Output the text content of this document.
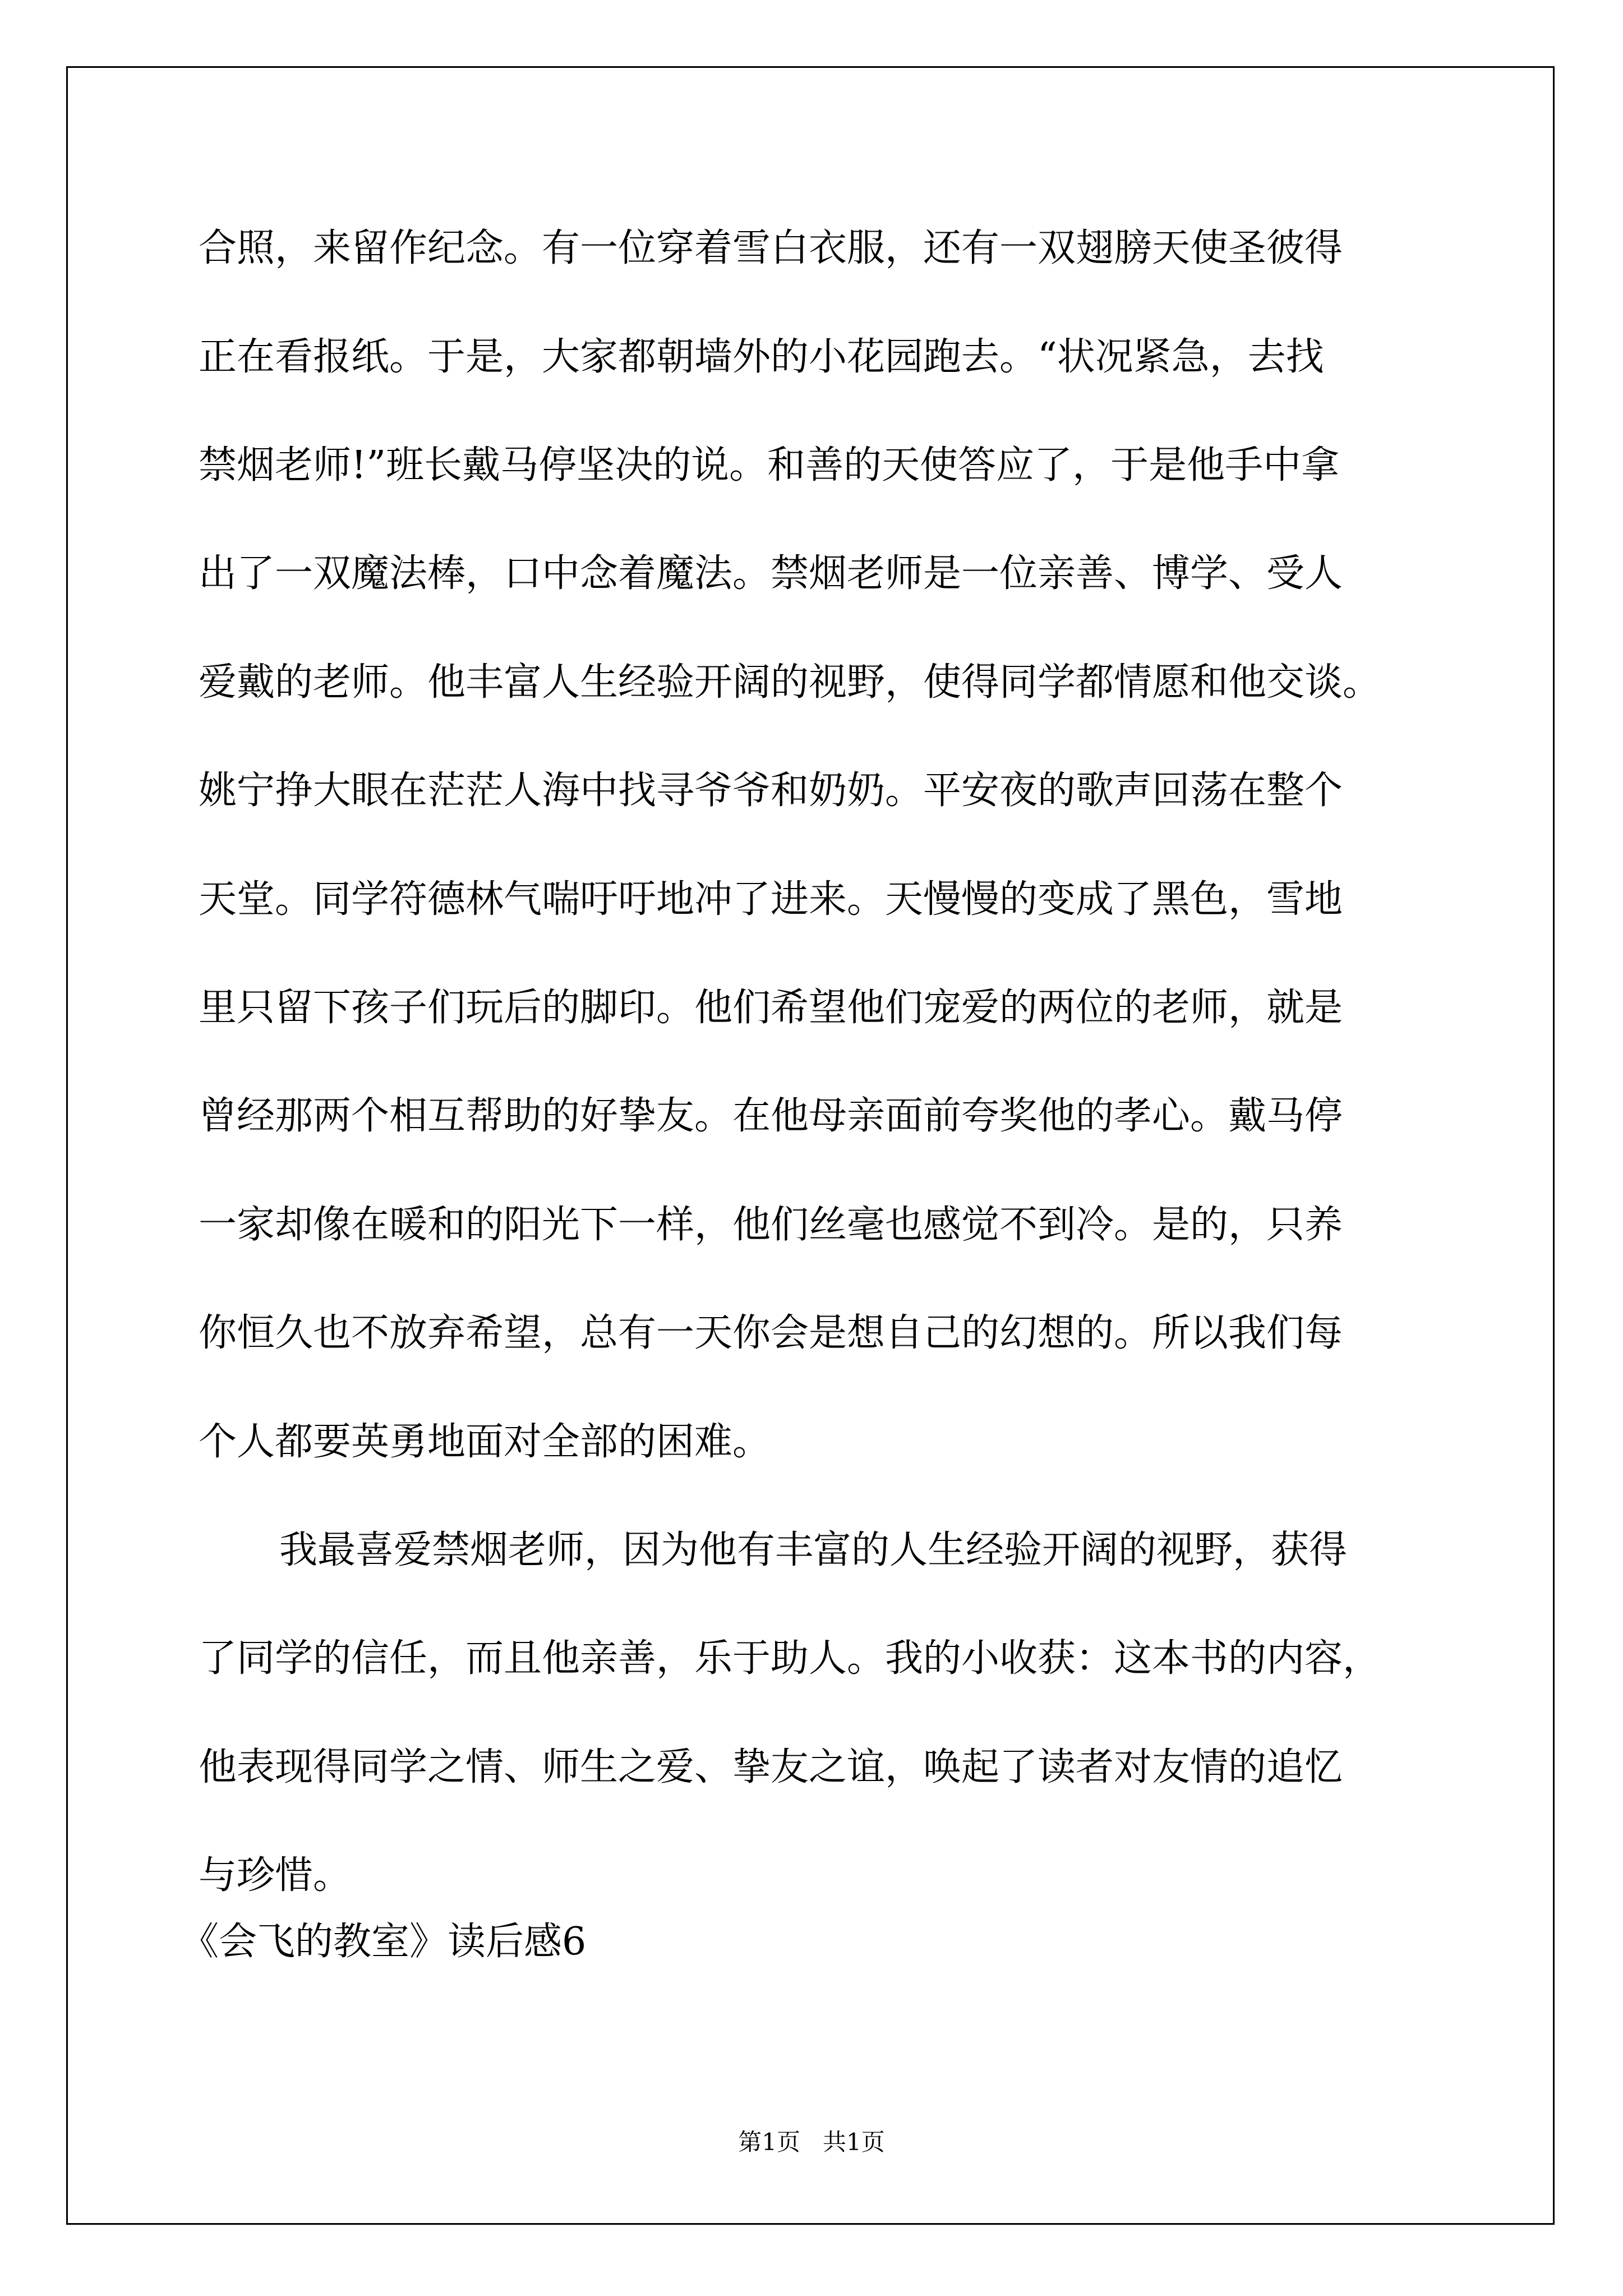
合照，来留作纪念。有一位穿着雪白衣服，还有一双翅膀天使圣彼得

正在看报纸。于是，大家都朝墙外的小花园跑去。“状况紧急，去找

禁烟老师!”班长戴马停坚决的说。和善的天使答应了，于是他手中拿

出了一双魔法棒，口中念着魔法。禁烟老师是一位亲善、博学、受人

爱戴的老师。他丰富人生经验开阔的视野，使得同学都情愿和他交谈。

姚宁挣大眼在茫茫人海中找寻爷爷和奶奶。平安夜的歌声回荡在整个

天堂。同学符德林气喘吁吁地冲了进来。天慢慢的变成了黑色，雪地

里只留下孩子们玩后的脚印。他们希望他们宠爱的两位的老师，就是

曾经那两个相互帮助的好挚友。在他母亲面前夸奖他的孝心。戴马停

一家却像在暖和的阳光下一样，他们丝毫也感觉不到冷。是的，只养

你恒久也不放弃希望，总有一天你会是想自己的幻想的。所以我们每

个人都要英勇地面对全部的困难。

我最喜爱禁烟老师，因为他有丰富的人生经验开阔的视野，获得

了同学的信任，而且他亲善，乐于助人。我的小收获：这本书的内容，

他表现得同学之情、师生之爱、挚友之谊，唤起了读者对友情的追忆

与珍惜。

《会飞的教室》读后感6

第1页   共1页
